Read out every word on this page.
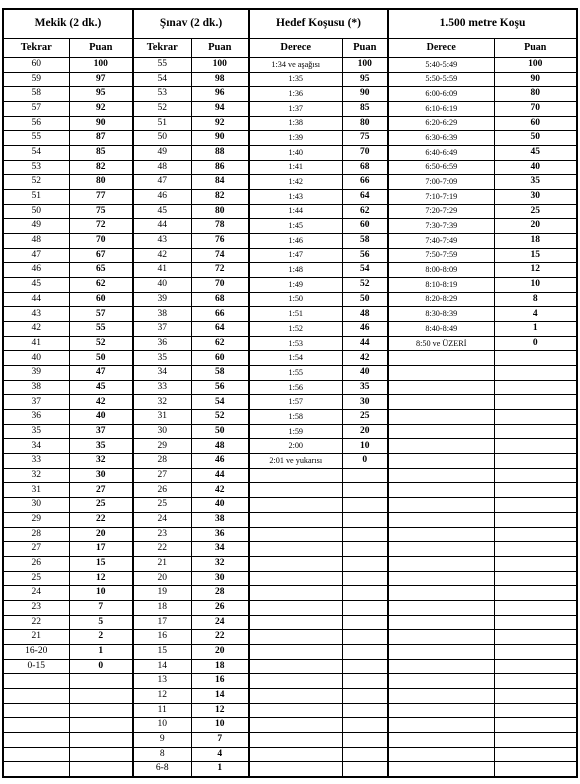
Mekik (2 dk.)		Şınav (2 dk.)		Hedef Koşusu (*)		1.500 metre Koşu	
Tekrar	Puan	Tekrar	Puan	Derece	Puan	Derece	Puan
60	100	55	100	1:34 ve aşağısı	100	5:40-5:49	100
59	97	54	98	1:35	95	5:50-5:59	90
58	95	53	96	1:36	90	6:00-6:09	80
57	92	52	94	1:37	85	6:10-6:19	70
56	90	51	92	1:38	80	6:20-6:29	60
55	87	50	90	1:39	75	6:30-6:39	50
54	85	49	88	1:40	70	6:40-6:49	45
53	82	48	86	1:41	68	6:50-6:59	40
52	80	47	84	1:42	66	7:00-7:09	35
51	77	46	82	1:43	64	7:10-7:19	30
50	75	45	80	1:44	62	7:20-7:29	25
49	72	44	78	1:45	60	7:30-7:39	20
48	70	43	76	1:46	58	7:40-7:49	18
47	67	42	74	1:47	56	7:50-7:59	15
46	65	41	72	1:48	54	8:00-8:09	12
45	62	40	70	1:49	52	8:10-8:19	10
44	60	39	68	1:50	50	8:20-8:29	8
43	57	38	66	1:51	48	8:30-8:39	4
42	55	37	64	1:52	46	8:40-8:49	1
41	52	36	62	1:53	44	8:50 ve ÜZERİ	0
40	50	35	60	1:54	42		
39	47	34	58	1:55	40		
38	45	33	56	1:56	35		
37	42	32	54	1:57	30		
36	40	31	52	1:58	25		
35	37	30	50	1:59	20		
34	35	29	48	2:00	10		
33	32	28	46	2:01 ve yukarısı	0		
32	30	27	44				
31	27	26	42				
30	25	25	40				
29	22	24	38				
28	20	23	36				
27	17	22	34				
26	15	21	32				
25	12	20	30				
24	10	19	28				
23	7	18	26				
22	5	17	24				
21	2	16	22				
16-20	1	15	20				
0-15	0	14	18				
		13	16				
		12	14				
		11	12				
		10	10				
		9	7				
		8	4				
		6-8	1				
